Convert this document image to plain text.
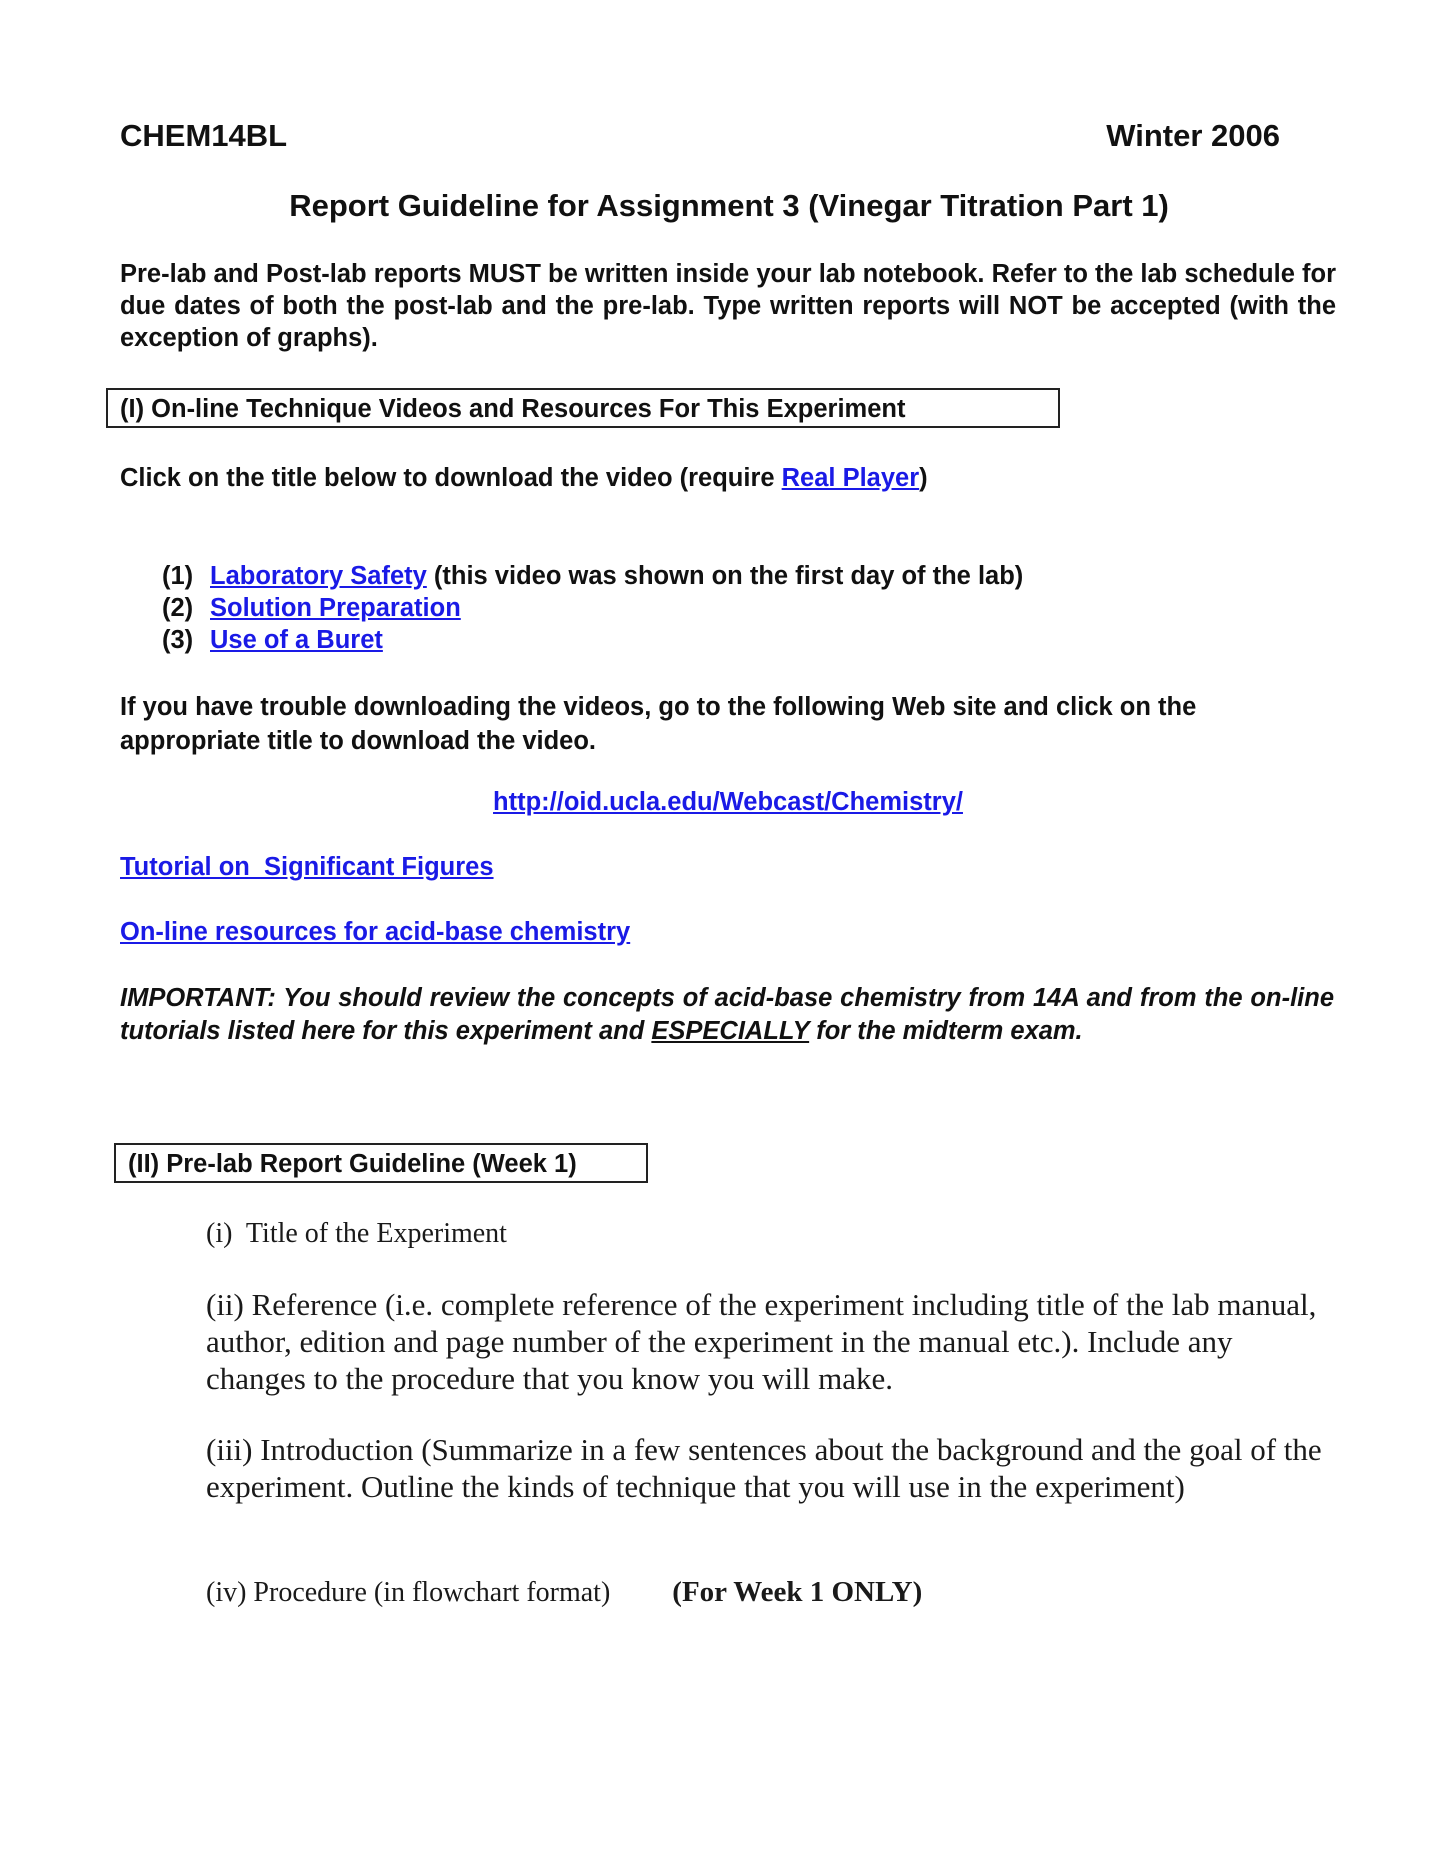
CHEM14BL	Winter 2006
Report Guideline for Assignment 3 (Vinegar Titration Part 1)
Pre-lab and Post-lab reports MUST be written inside your lab notebook. Refer to the lab schedule for due dates of both the post-lab and the pre-lab. Type written reports will NOT be accepted (with the exception of graphs).
(I) On-line Technique Videos and Resources For This Experiment
Click on the title below to download the video (require Real Player)
(1) Laboratory Safety (this video was shown on the first day of the lab)
(2) Solution Preparation
(3) Use of a Buret
If you have trouble downloading the videos, go to the following Web site and click on the appropriate title to download the video.
http://oid.ucla.edu/Webcast/Chemistry/
Tutorial on  Significant Figures
On-line resources for acid-base chemistry
IMPORTANT: You should review the concepts of acid-base chemistry from 14A and from the on-line tutorials listed here for this experiment and ESPECIALLY for the midterm exam.
(II) Pre-lab Report Guideline (Week 1)
(i)  Title of the Experiment
(ii) Reference (i.e. complete reference of the experiment including title of the lab manual, author, edition and page number of the experiment in the manual etc.). Include any changes to the procedure that you know you will make.
(iii) Introduction (Summarize in a few sentences about the background and the goal of the experiment. Outline the kinds of technique that you will use in the experiment)
(iv) Procedure (in flowchart format) (For Week 1 ONLY)
